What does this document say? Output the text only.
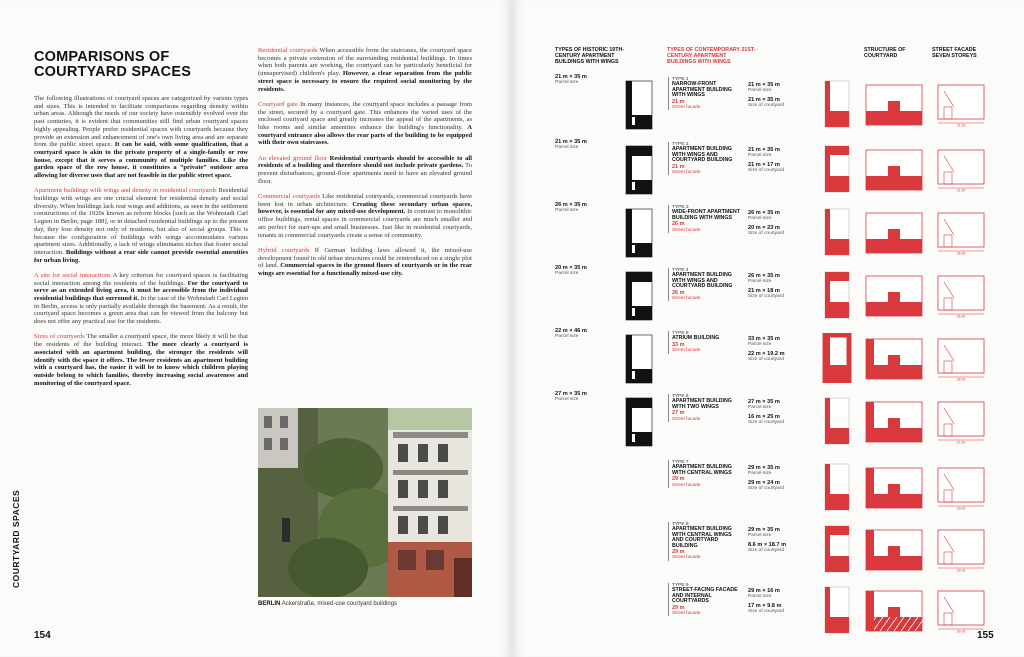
COMPARISONS OF COURTYARD SPACES

The following illustrations of courtyard spaces are categorized by various types and sizes. This is intended to facilitate comparisons regarding density within urban areas. Although the needs of our society have ostensibly evolved over the past centuries, it is evident that communities still find urban courtyard spaces highly appealing. People prefer residential spaces with courtyards because they provide an extension and enhancement of one's own living area and are separate from the public street space. It can be said, with some qualification, that a courtyard space is akin to the private property of a single-family or row house, except that it serves a community of multiple families. Like the garden space of the row house, it constitutes a “private” outdoor area allowing for diverse uses that are not feasible in the public street space.

Apartment buildings with wings and density in residential courtyards Residential buildings with wings are one crucial element for residential density and social diversity. When buildings lack rear wings and additions, as seen in the settlement constructions of the 1920s known as reform blocks [such as the Wohnstadt Carl Legien in Berlin, page 188], or in detached residential buildings up to the present day, they lose density not only of residents, but also of social groups. This is because the configuration of buildings with wings accommodates various apartment sizes. Additionally, a lack of wings eliminates niches that foster social interaction. Buildings without a rear side cannot provide essential amenities for urban living.

A site for social interactions A key criterion for courtyard spaces is facilitating social interaction among the residents of the buildings. For the courtyard to serve as an extended living area, it must be accessible from the individual residential buildings that surround it. In the case of the Wohnstadt Carl Legien in Berlin, access is only partially available through the basement. As a result, the courtyard space becomes a green area that can be viewed from the balcony but does not offer any practical use for the residents.

Sizes of courtyards The smaller a courtyard space, the more likely it will be that the residents of the building interact. The more clearly a courtyard is associated with an apartment building, the stronger the residents will identify with the space it offers. The fewer residents an apartment building with a courtyard has, the easier it will be to know which children playing outside belong to which families, thereby increasing social awareness and monitoring of the courtyard space.

Residential courtyards When accessible from the staircases, the courtyard space becomes a private extension of the surrounding residential buildings. In times when both parents are working, the courtyard can be particularly beneficial for (unsupervised) children's play. However, a clear separation from the public street space is necessary to ensure the required social monitoring by the residents.

Courtyard gate In many instances, the courtyard space includes a passage from the street, secured by a courtyard gate. This enhances the varied uses of the enclosed courtyard space and greatly increases the appeal of the apartments, as bike rooms and similar amenities enhance the building's functionality. A courtyard entrance also allows the rear parts of the building to be equipped with their own staircases.

An elevated ground floor Residential courtyards should be accessible to all residents of a building and therefore should not include private gardens. To prevent disturbances, ground-floor apartments need to have an elevated ground floor.

Commercial courtyards Like residential courtyards, commercial courtyards have been lost in urban architecture. Creating these secondary urban spaces, however, is essential for any mixed-use development. In contrast to monolithic office buildings, rental spaces in commercial courtyards are much smaller and are perfect for start-ups and small businesses. Just like in residential courtyards, tenants in commercial courtyards create a sense of community.

Hybrid courtyards If German building laws allowed it, the mixed-use development found in old urban structures could be reintroduced on a single plot of land. Commercial spaces in the ground floors of courtyards or in the rear wings are essential for a functionally mixed-use city.

BERLIN Ackerstraße, mixed-use courtyard buildings
COURTYARD SPACES
154
TYPES OF HISTORIC 19TH-CENTURY APARTMENT BUILDINGS WITH WINGS
TYPES OF CONTEMPORARY 21ST-CENTURY APARTMENT BUILDINGS WITH WINGS
STRUCTURE OF COURTYARD
STREET FACADE SEVEN STOREYS
21 m × 35 m
Parcel size
TYPE 1
NARROW-FRONT APARTMENT BUILDING WITH WINGS
21 m
Street facade
21 m × 35 m
Parcel size
21 m × 35 m
Size of courtyard
21.00
21 m × 35 m
Parcel size
TYPE 2
APARTMENT BUILDING WITH WINGS AND COURTYARD BUILDING
21 m
Street facade
21 m × 35 m
Parcel size
21 m × 17 m
Size of courtyard
21.00
26 m × 35 m
Parcel size
TYPE 3
WIDE-FRONT APARTMENT BUILDING WITH WINGS
26 m
Street facade
26 m × 35 m
Parcel size
20 m × 23 m
Size of courtyard
26.00
20 m × 35 m
Parcel size
TYPE 4
APARTMENT BUILDING WITH WINGS AND COURTYARD BUILDING
26 m
Street facade
26 m × 35 m
Parcel size
21 m × 18 m
Size of courtyard
26.00
22 m × 46 m
Parcel size
TYPE 5
ATRIUM BUILDING
33 m
Street facade
33 m × 35 m
Parcel size
22 m × 19.2 m
Size of courtyard
33.00
27 m × 35 m
Parcel size
TYPE 6
APARTMENT BUILDING WITH TWO WINGS
27 m
Street facade
27 m × 35 m
Parcel size
16 m × 25 m
Size of courtyard
27.00
TYPE 7
APARTMENT BUILDING WITH CENTRAL WINGS
29 m
Street facade
29 m × 35 m
Parcel size
29 m × 24 m
Size of courtyard
29.00
TYPE 8
APARTMENT BUILDING WITH CENTRAL WINGS AND COURTYARD BUILDING
29 m
Street facade
29 m × 35 m
Parcel size
8.6 m × 18.7 m
Size of courtyard
29.00
TYPE 9
STREET-FACING FACADE AND INTERNAL COURTYARDS
29 m
Street facade
29 m × 16 m
Parcel size
17 m × 9.8 m
Size of courtyard
29.00 155
